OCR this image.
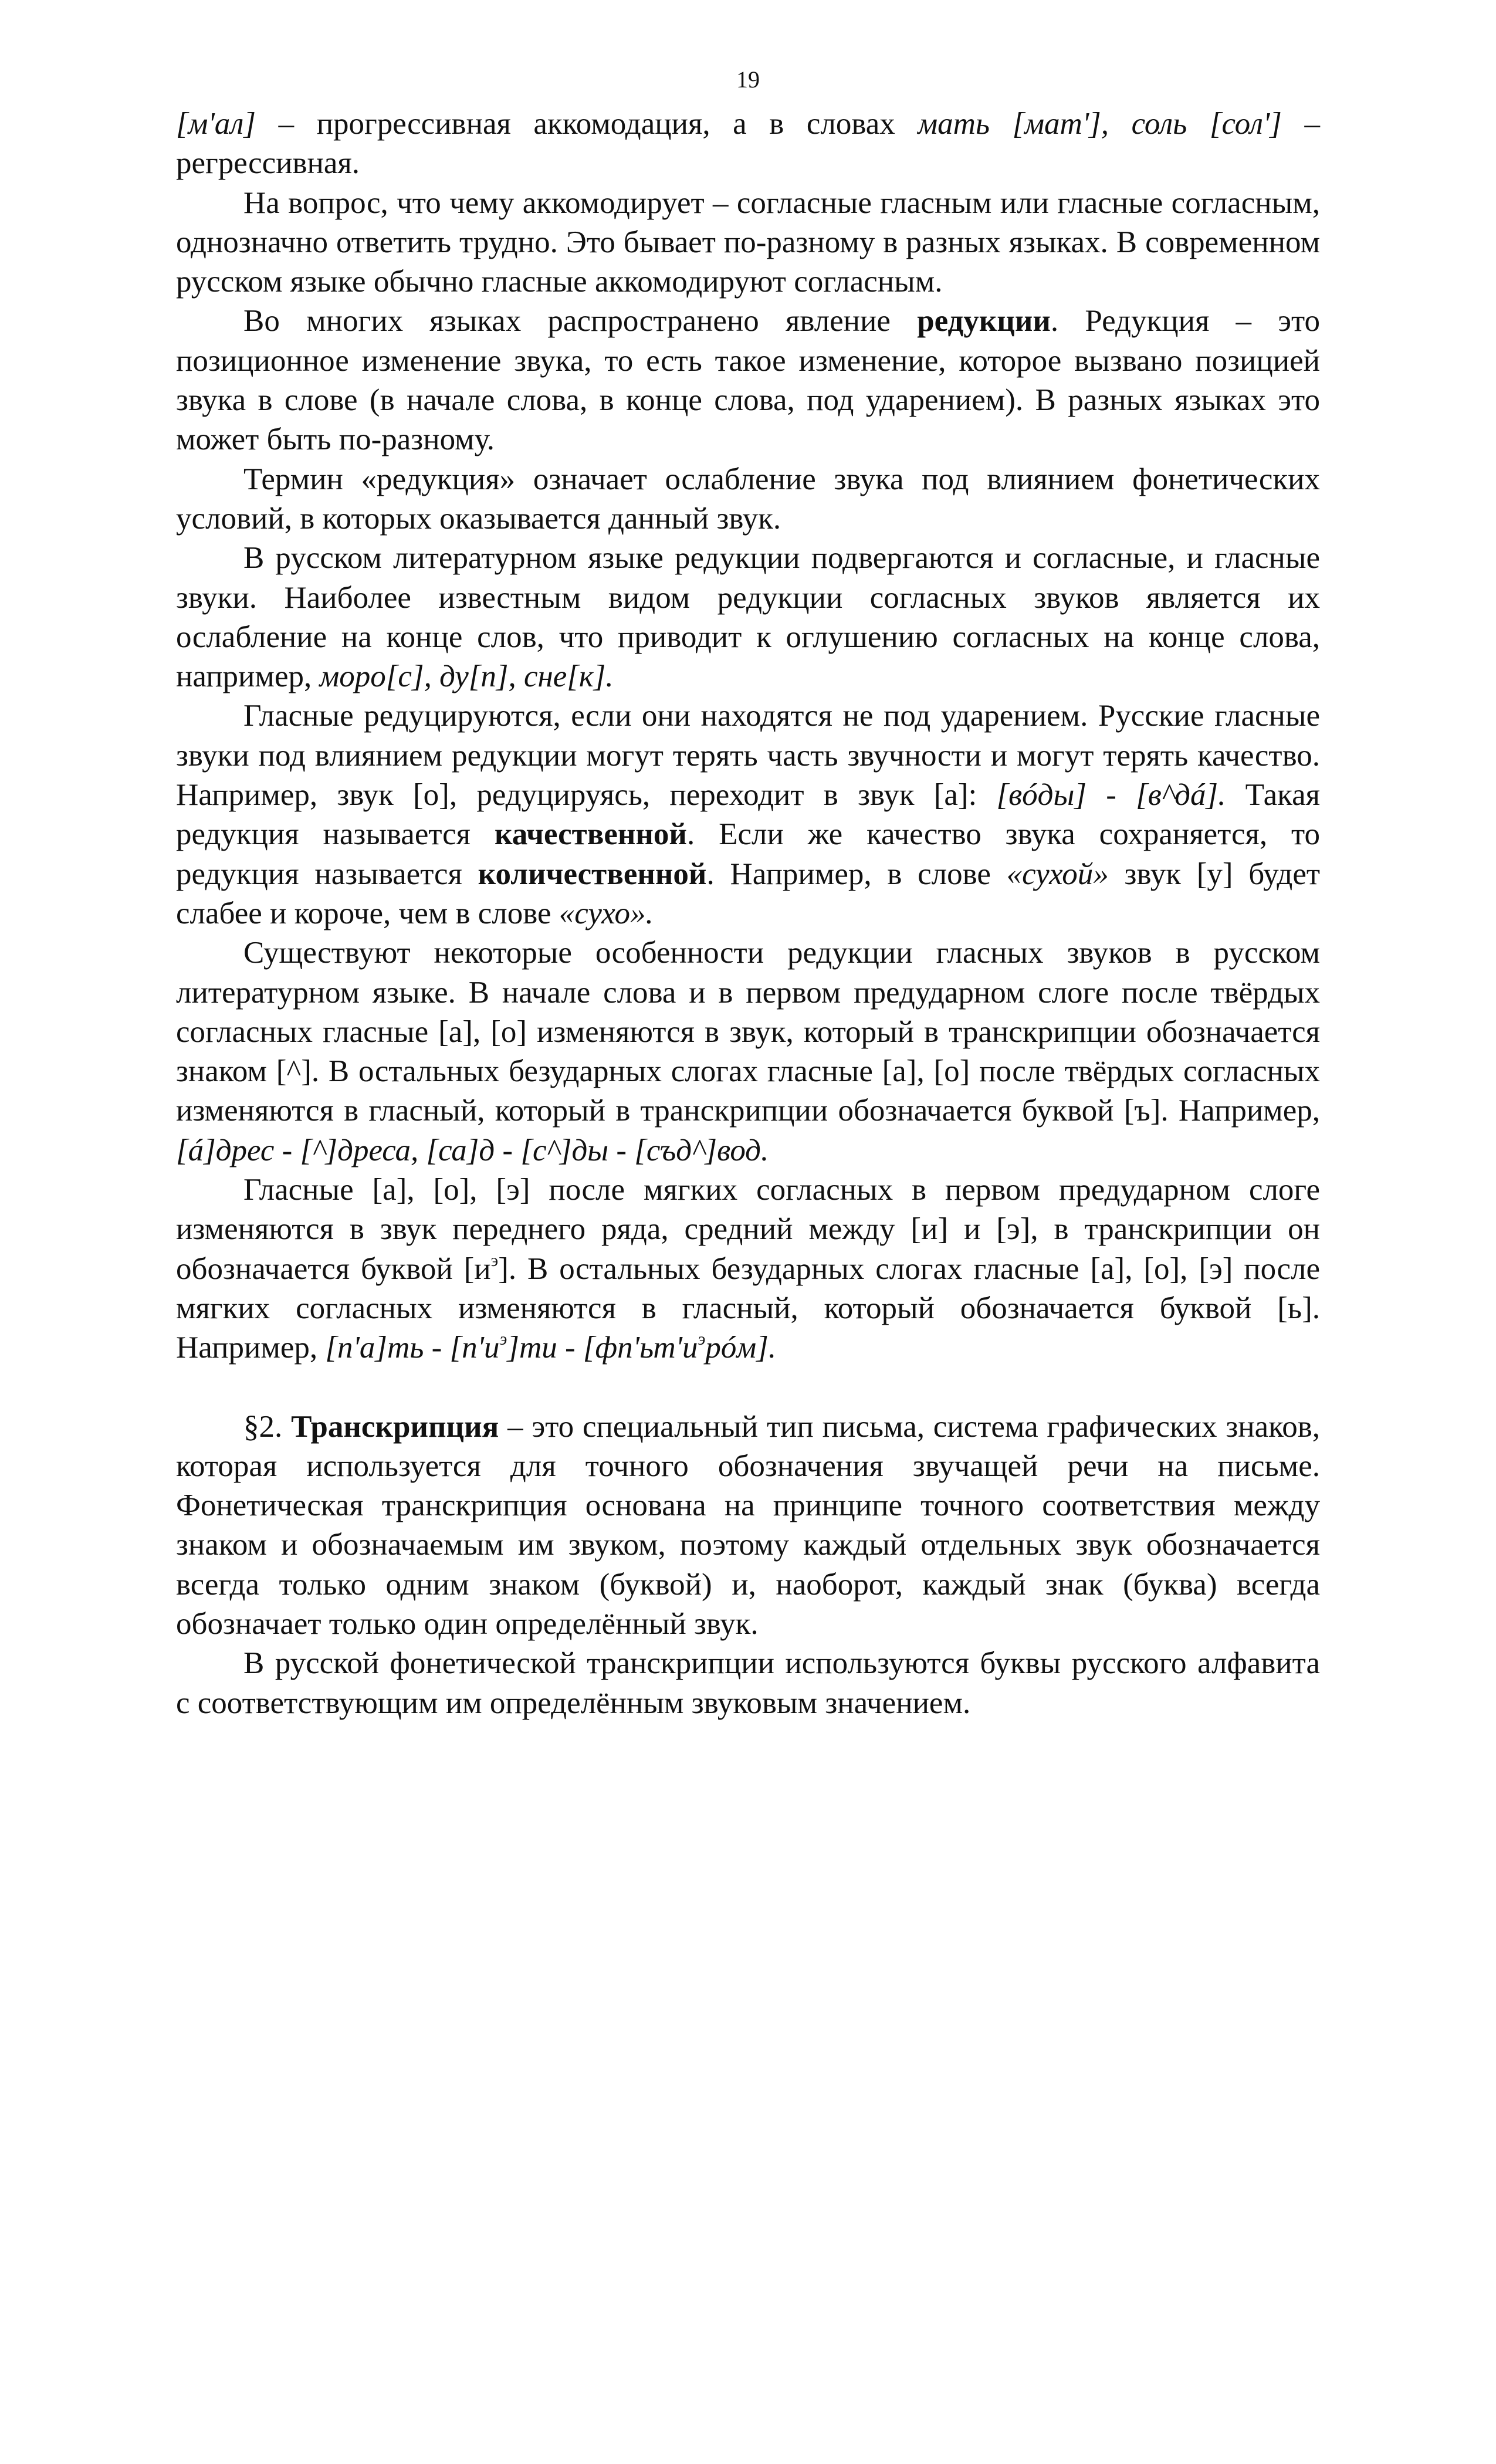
19

[м'ал] – прогрессивная аккомодация, а в словах мать [мат'], соль [сол'] – регрессивная.

На вопрос, что чему аккомодирует – согласные гласным или гласные согласным, однозначно ответить трудно. Это бывает по-разному в разных языках. В современном русском языке обычно гласные аккомодируют согласным.

Во многих языках распространено явление редукции. Редукция – это позиционное изменение звука, то есть такое изменение, которое вызвано позицией звука в слове (в начале слова, в конце слова, под ударением). В разных языках это может быть по-разному.

Термин «редукция» означает ослабление звука под влиянием фонетических условий, в которых оказывается данный звук.

В русском литературном языке редукции подвергаются и согласные, и гласные звуки. Наиболее известным видом редукции согласных звуков является их ослабление на конце слов, что приводит к оглушению согласных на конце слова, например, моро[с], ду[п], сне[к].

Гласные редуцируются, если они находятся не под ударением. Русские гласные звуки под влиянием редукции могут терять часть звучности и могут терять качество. Например, звук [о], редуцируясь, переходит в звук [а]: [вóды] - [в^дá]. Такая редукция называется качественной. Если же качество звука сохраняется, то редукция называется количественной. Например, в слове «сухой» звук [у] будет слабее и короче, чем в слове «сухо».

Существуют некоторые особенности редукции гласных звуков в русском литературном языке. В начале слова и в первом предударном слоге после твёрдых согласных гласные [а], [о] изменяются в звук, который в транскрипции обозначается знаком [^]. В остальных безударных слогах гласные [а], [о] после твёрдых согласных изменяются в гласный, который в транскрипции обозначается буквой [ъ]. Например, [á]дрес - [^]дреса, [са]д - [с^]ды - [съд^]вод.

Гласные [а], [о], [э] после мягких согласных в первом предударном слоге изменяются в звук переднего ряда, средний между [и] и [э], в транскрипции он обозначается буквой $[и^э]$. В остальных безударных слогах гласные [а], [о], [э] после мягких согласных изменяются в гласный, который обозначается буквой [ь]. Например, $[п'а]ть - [п'и^э]ти$ - $[фп'ьт'и^эрóм]$.

§2. Транскрипция – это специальный тип письма, система графических знаков, которая используется для точного обозначения звучащей речи на письме. Фонетическая транскрипция основана на принципе точного соответствия между знаком и обозначаемым им звуком, поэтому каждый отдельных звук обозначается всегда только одним знаком (буквой) и, наоборот, каждый знак (буква) всегда обозначает только один определённый звук.

В русской фонетической транскрипции используются буквы русского алфавита с соответствующим им определённым звуковым значением.
